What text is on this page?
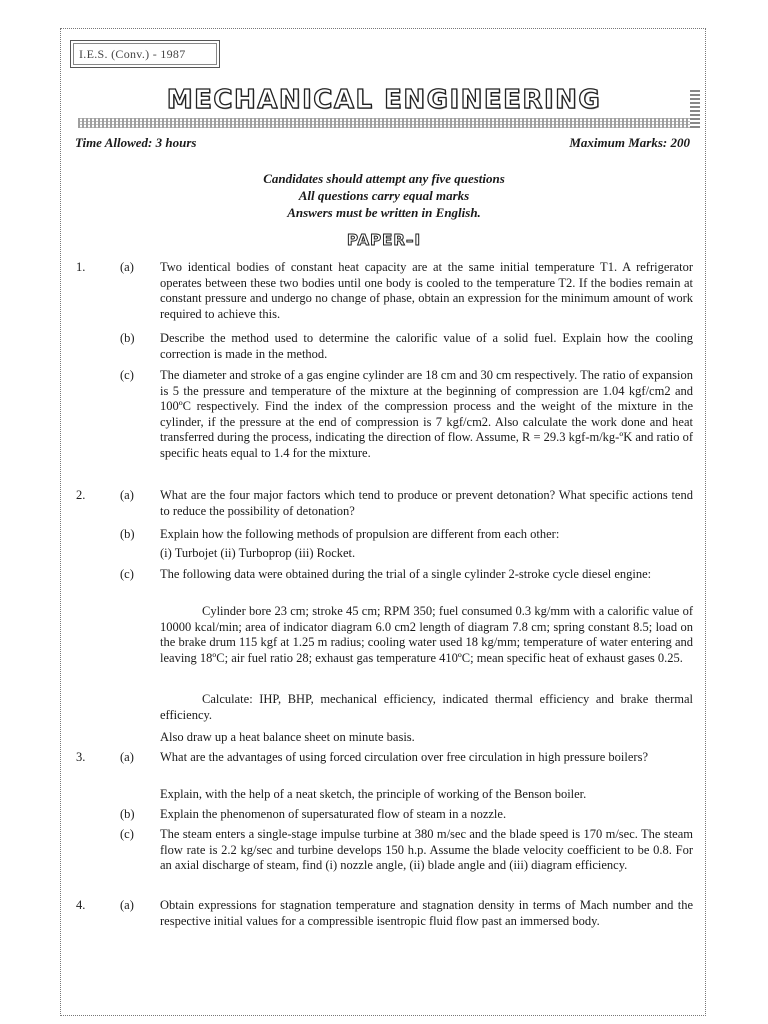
I.E.S. (Conv.) - 1987
MECHANICAL ENGINEERING
Time Allowed: 3 hours	Maximum Marks: 200
Candidates should attempt any five questions
All questions carry equal marks
Answers must be written in English.
PAPER–I
1.	(a) Two identical bodies of constant heat capacity are at the same initial temperature T1. A refrigerator operates between these two bodies until one body is cooled to the temperature T2. If the bodies remain at constant pressure and undergo no change of phase, obtain an expression for the minimum amount of work required to achieve this.
(b) Describe the method used to determine the calorific value of a solid fuel. Explain how the cooling correction is made in the method.
(c) The diameter and stroke of a gas engine cylinder are 18 cm and 30 cm respectively. The ratio of expansion is 5 the pressure and temperature of the mixture at the beginning of compression are 1.04 kgf/cm2 and 100ºC respectively. Find the index of the compression process and the weight of the mixture in the cylinder, if the pressure at the end of compression is 7 kgf/cm2. Also calculate the work done and heat transferred during the process, indicating the direction of flow. Assume, R = 29.3 kgf-m/kg-ºK and ratio of specific heats equal to 1.4 for the mixture.
2.	(a) What are the four major factors which tend to produce or prevent detonation? What specific actions tend to reduce the possibility of detonation?
(b) Explain how the following methods of propulsion are different from each other:
(i) Turbojet (ii) Turboprop (iii) Rocket.
(c) The following data were obtained during the trial of a single cylinder 2-stroke cycle diesel engine:
Cylinder bore 23 cm; stroke 45 cm; RPM 350; fuel consumed 0.3 kg/mm with a calorific value of 10000 kcal/min; area of indicator diagram 6.0 cm2 length of diagram 7.8 cm; spring constant 8.5; load on the brake drum 115 kgf at 1.25 m radius; cooling water used 18 kg/mm; temperature of water entering and leaving 18ºC; air fuel ratio 28; exhaust gas temperature 410ºC; mean specific heat of exhaust gases 0.25.
Calculate: IHP, BHP, mechanical efficiency, indicated thermal efficiency and brake thermal efficiency.
Also draw up a heat balance sheet on minute basis.
3.	(a) What are the advantages of using forced circulation over free circulation in high pressure boilers?
Explain, with the help of a neat sketch, the principle of working of the Benson boiler.
(b) Explain the phenomenon of supersaturated flow of steam in a nozzle.
(c) The steam enters a single-stage impulse turbine at 380 m/sec and the blade speed is 170 m/sec. The steam flow rate is 2.2 kg/sec and turbine develops 150 h.p. Assume the blade velocity coefficient to be 0.8. For an axial discharge of steam, find (i) nozzle angle, (ii) blade angle and (iii) diagram efficiency.
4.	(a) Obtain expressions for stagnation temperature and stagnation density in terms of Mach number and the respective initial values for a compressible isentropic fluid flow past an immersed body.
